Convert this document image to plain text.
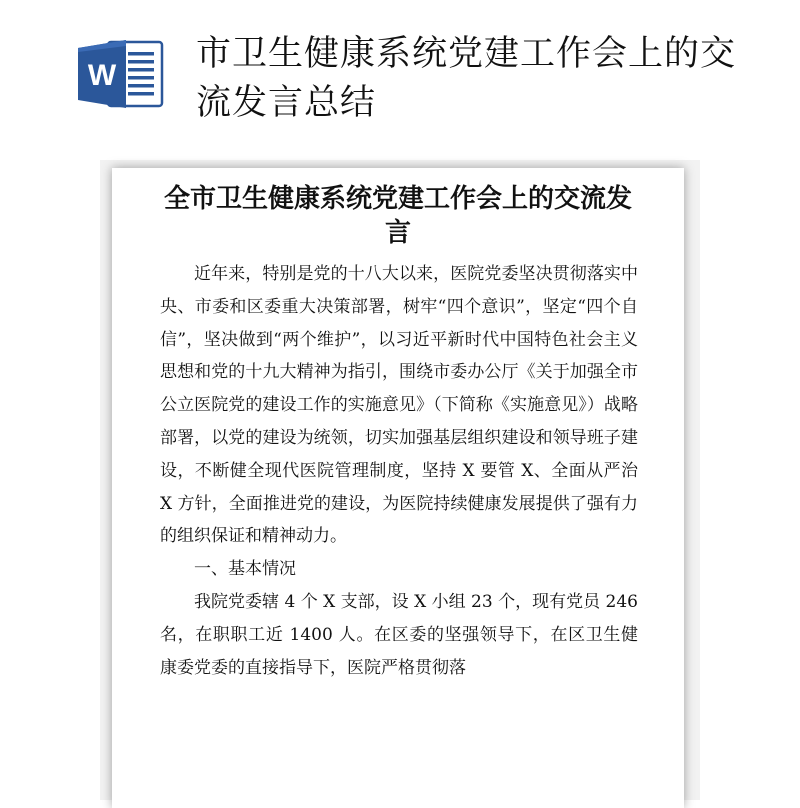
W
市卫生健康系统党建工作会上的交流发言总结
全市卫生健康系统党建工作会上的交流发言

近年来，特别是党的十八大以来，医院党委坚决贯彻落实中央、市委和区委重大决策部署，树牢“四个意识”，坚定“四个自信”，坚决做到“两个维护”，以习近平新时代中国特色社会主义思想和党的十九大精神为指引，围绕市委办公厅《关于加强全市公立医院党的建设工作的实施意见》（下简称《实施意见》）战略部署，以党的建设为统领，切实加强基层组织建设和领导班子建设，不断健全现代医院管理制度，坚持 X 要管 X、全面从严治 X 方针，全面推进党的建设，为医院持续健康发展提供了强有力的组织保证和精神动力。

一、基本情况

我院党委辖 4 个 X 支部，设 X 小组 23 个，现有党员 246 名，在职职工近 1400 人。在区委的坚强领导下，在区卫生健康委党委的直接指导下，医院严格贯彻落
